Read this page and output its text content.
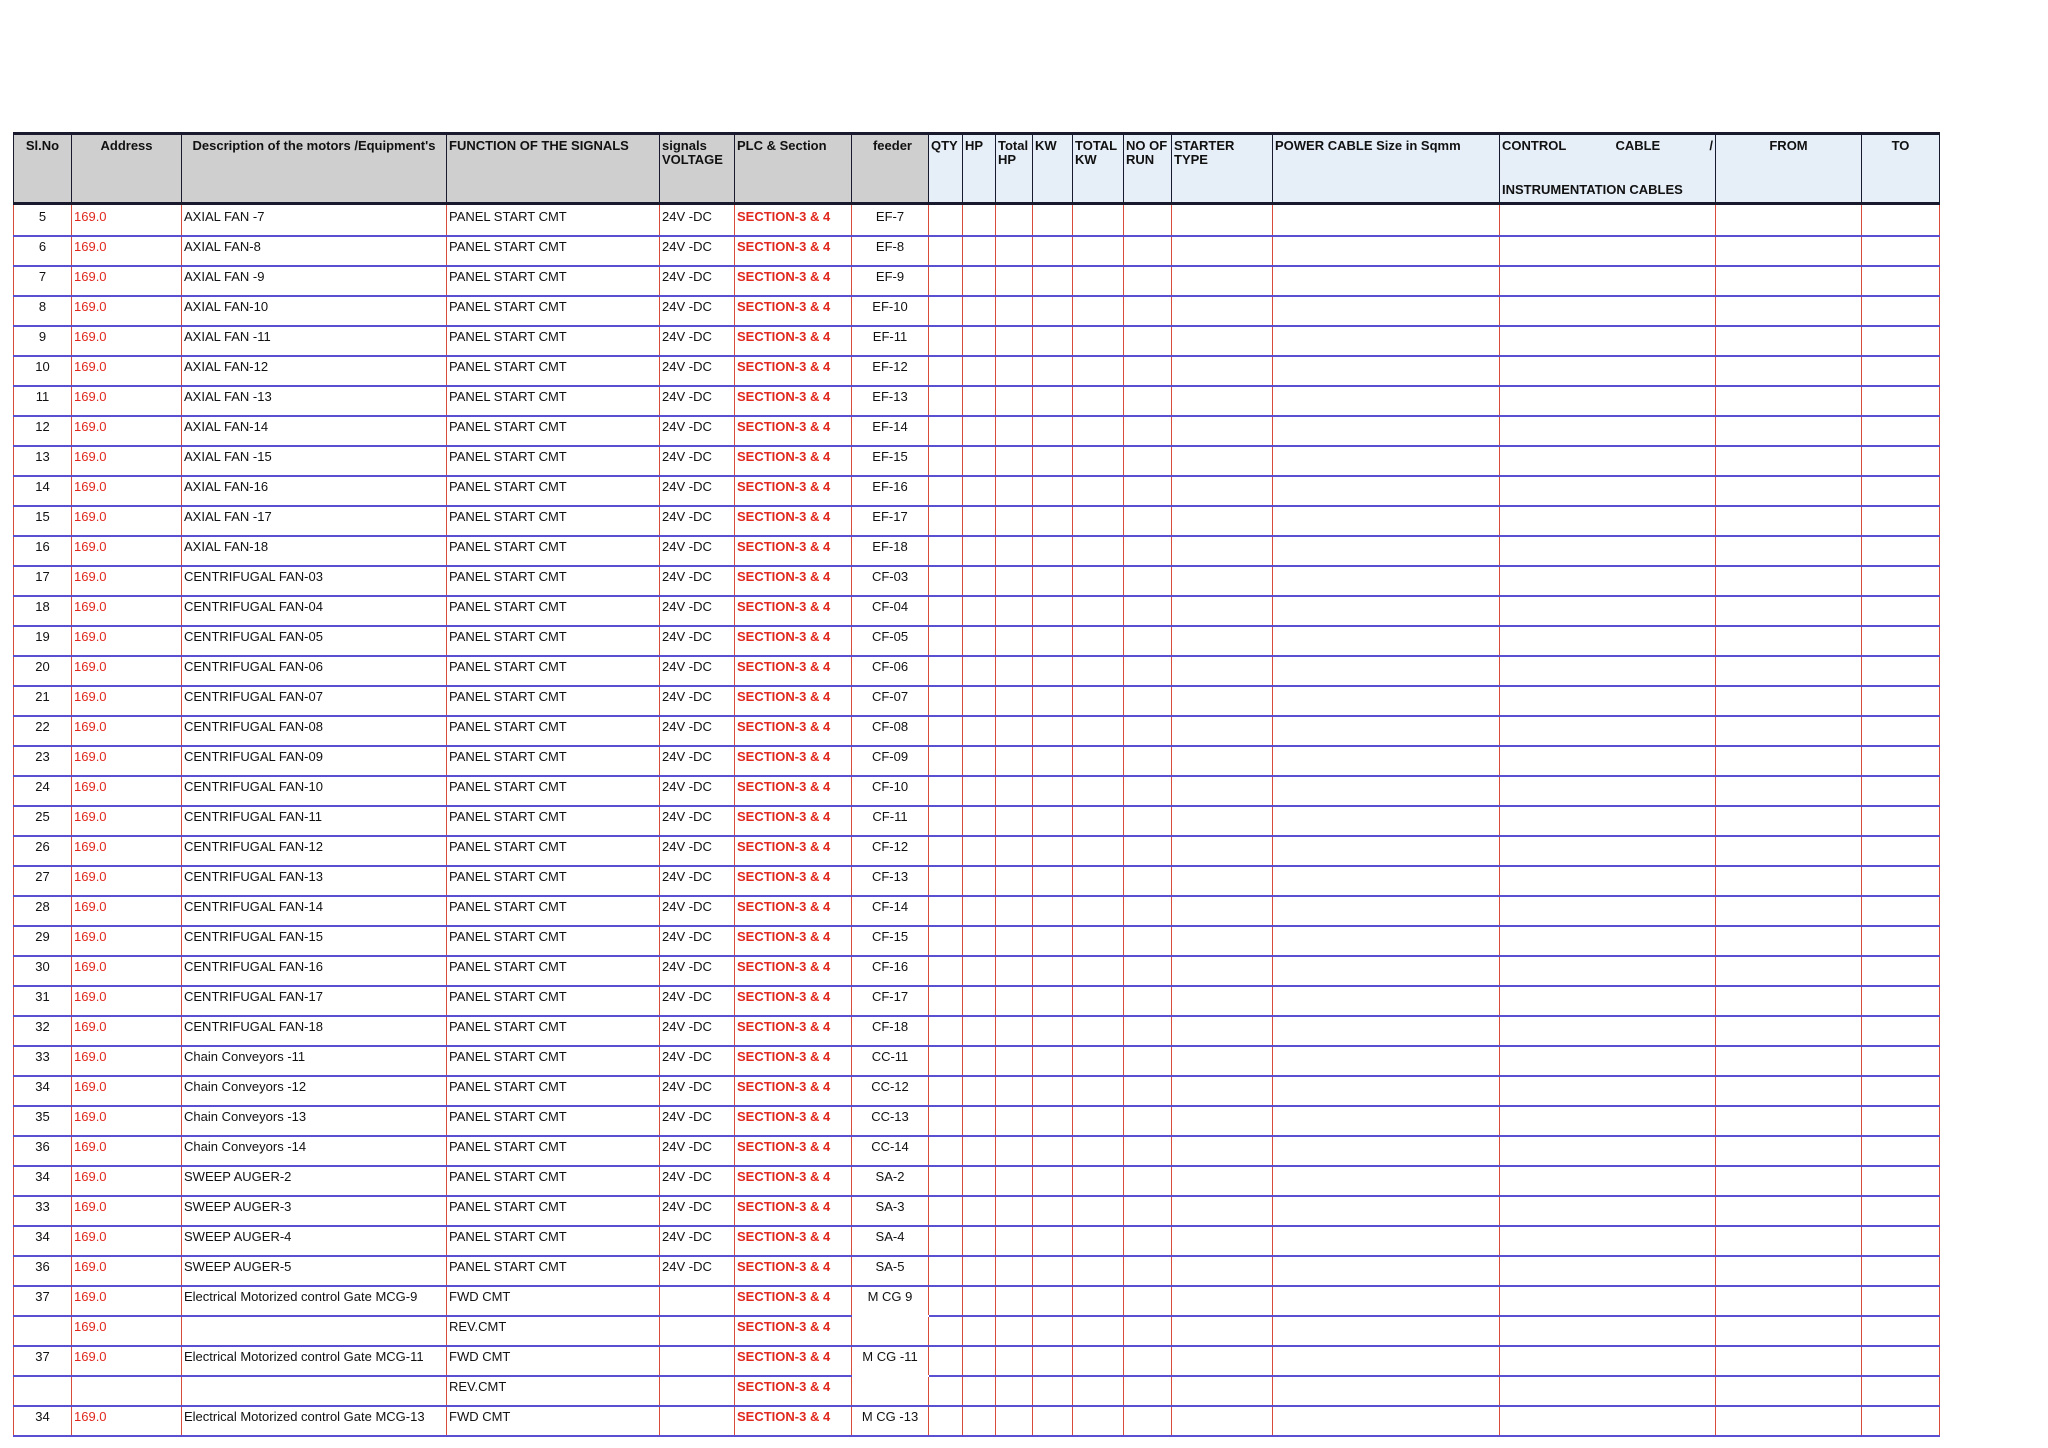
Sl.No	Address	Description of the motors /Equipment's	FUNCTION OF THE SIGNALS	signals VOLTAGE	PLC & Section	feeder	QTY	HP	Total HP	KW	TOTAL KW	NO OF RUN	STARTER TYPE	POWER CABLE Size in Sqmm	CONTROL CABLE /
INSTRUMENTATION CABLES	FROM	TO
5	169.0	AXIAL FAN -7	PANEL START CMT	24V -DC	SECTION-3 & 4	EF-7											
6	169.0	AXIAL FAN-8	PANEL START CMT	24V -DC	SECTION-3 & 4	EF-8											
7	169.0	AXIAL FAN -9	PANEL START CMT	24V -DC	SECTION-3 & 4	EF-9											
8	169.0	AXIAL FAN-10	PANEL START CMT	24V -DC	SECTION-3 & 4	EF-10											
9	169.0	AXIAL FAN -11	PANEL START CMT	24V -DC	SECTION-3 & 4	EF-11											
10	169.0	AXIAL FAN-12	PANEL START CMT	24V -DC	SECTION-3 & 4	EF-12											
11	169.0	AXIAL FAN -13	PANEL START CMT	24V -DC	SECTION-3 & 4	EF-13											
12	169.0	AXIAL FAN-14	PANEL START CMT	24V -DC	SECTION-3 & 4	EF-14											
13	169.0	AXIAL FAN -15	PANEL START CMT	24V -DC	SECTION-3 & 4	EF-15											
14	169.0	AXIAL FAN-16	PANEL START CMT	24V -DC	SECTION-3 & 4	EF-16											
15	169.0	AXIAL FAN -17	PANEL START CMT	24V -DC	SECTION-3 & 4	EF-17											
16	169.0	AXIAL FAN-18	PANEL START CMT	24V -DC	SECTION-3 & 4	EF-18											
17	169.0	CENTRIFUGAL FAN-03	PANEL START CMT	24V -DC	SECTION-3 & 4	CF-03											
18	169.0	CENTRIFUGAL FAN-04	PANEL START CMT	24V -DC	SECTION-3 & 4	CF-04											
19	169.0	CENTRIFUGAL FAN-05	PANEL START CMT	24V -DC	SECTION-3 & 4	CF-05											
20	169.0	CENTRIFUGAL FAN-06	PANEL START CMT	24V -DC	SECTION-3 & 4	CF-06											
21	169.0	CENTRIFUGAL FAN-07	PANEL START CMT	24V -DC	SECTION-3 & 4	CF-07											
22	169.0	CENTRIFUGAL FAN-08	PANEL START CMT	24V -DC	SECTION-3 & 4	CF-08											
23	169.0	CENTRIFUGAL FAN-09	PANEL START CMT	24V -DC	SECTION-3 & 4	CF-09											
24	169.0	CENTRIFUGAL FAN-10	PANEL START CMT	24V -DC	SECTION-3 & 4	CF-10											
25	169.0	CENTRIFUGAL FAN-11	PANEL START CMT	24V -DC	SECTION-3 & 4	CF-11											
26	169.0	CENTRIFUGAL FAN-12	PANEL START CMT	24V -DC	SECTION-3 & 4	CF-12											
27	169.0	CENTRIFUGAL FAN-13	PANEL START CMT	24V -DC	SECTION-3 & 4	CF-13											
28	169.0	CENTRIFUGAL FAN-14	PANEL START CMT	24V -DC	SECTION-3 & 4	CF-14											
29	169.0	CENTRIFUGAL FAN-15	PANEL START CMT	24V -DC	SECTION-3 & 4	CF-15											
30	169.0	CENTRIFUGAL FAN-16	PANEL START CMT	24V -DC	SECTION-3 & 4	CF-16											
31	169.0	CENTRIFUGAL FAN-17	PANEL START CMT	24V -DC	SECTION-3 & 4	CF-17											
32	169.0	CENTRIFUGAL FAN-18	PANEL START CMT	24V -DC	SECTION-3 & 4	CF-18											
33	169.0	Chain Conveyors -11	PANEL START CMT	24V -DC	SECTION-3 & 4	CC-11											
34	169.0	Chain Conveyors -12	PANEL START CMT	24V -DC	SECTION-3 & 4	CC-12											
35	169.0	Chain Conveyors -13	PANEL START CMT	24V -DC	SECTION-3 & 4	CC-13											
36	169.0	Chain Conveyors -14	PANEL START CMT	24V -DC	SECTION-3 & 4	CC-14											
34	169.0	SWEEP AUGER-2	PANEL START CMT	24V -DC	SECTION-3 & 4	SA-2											
33	169.0	SWEEP AUGER-3	PANEL START CMT	24V -DC	SECTION-3 & 4	SA-3											
34	169.0	SWEEP AUGER-4	PANEL START CMT	24V -DC	SECTION-3 & 4	SA-4											
36	169.0	SWEEP AUGER-5	PANEL START CMT	24V -DC	SECTION-3 & 4	SA-5											
37	169.0	Electrical Motorized control Gate MCG-9	FWD CMT		SECTION-3 & 4	M CG 9											
	169.0		REV.CMT		SECTION-3 & 4												
37	169.0	Electrical Motorized control Gate MCG-11	FWD CMT		SECTION-3 & 4	M CG -11											
			REV.CMT		SECTION-3 & 4												
34	169.0	Electrical Motorized control Gate MCG-13	FWD CMT		SECTION-3 & 4	M CG -13											
